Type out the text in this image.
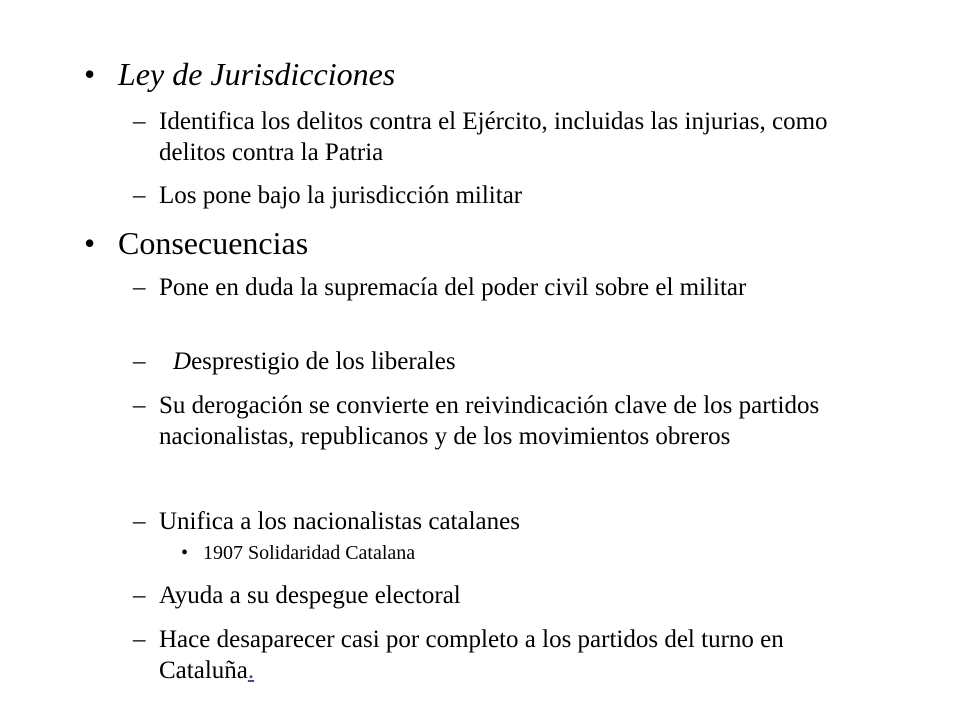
• Ley de Jurisdicciones
– Identifica los delitos contra el Ejército, incluidas las injurias, como delitos contra la Patria
– Los pone bajo la jurisdicción militar
• Consecuencias
– Pone en duda la supremacía del poder civil sobre el militar
– Desprestigio de los liberales
– Su derogación se convierte en reivindicación clave de los partidos nacionalistas, republicanos y de los movimientos obreros
– Unifica a los nacionalistas catalanes
• 1907 Solidaridad Catalana
– Ayuda a su despegue electoral
– Hace desaparecer casi por completo a los partidos del turno en Cataluña.
